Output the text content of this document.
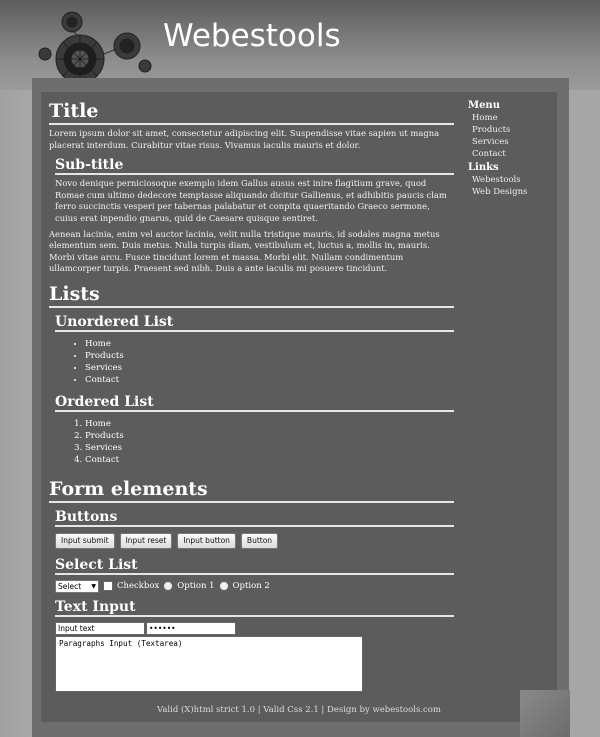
Webestools
Title

Lorem ipsum dolor sit amet, consectetur adipiscing elit. Suspendisse vitae sapien ut magna placerat interdum. Curabitur vitae risus. Vivamus iaculis mauris et dolor.

Sub-title

Novo denique perniciosoque exemplo idem Gallus ausus est inire flagitium grave, quod Romae cum ultimo dedecore temptasse aliquando dicitur Gallienus, et adhibitis paucis clam ferro succinctis vesperi per tabernas palabatur et conpita quaeritando Graeco sermone, cuius erat inpendio gnarus, quid de Caesare quisque sentiret.

Aenean lacinia, enim vel auctor lacinia, velit nulla tristique mauris, id sodales magna metus elementum sem. Duis metus. Nulla turpis diam, vestibulum et, luctus a, mollis in, mauris. Morbi vitae arcu. Fusce tincidunt lorem et massa. Morbi elit. Nullam condimentum ullamcorper turpis. Praesent sed nibh. Duis a ante iaculis mi posuere tincidunt.

Lists
Unordered List
• Home
• Products
• Services
• Contact
Ordered List
1. Home
2. Products
3. Services
4. Contact
Form elements
Buttons
Input submit	Input reset	Input button	Button
Select List
Select ▼ Checkbox Option 1 Option 2
Text Input
Input text	••••••
Paragraphs Input (Textarea)
Menu
Home
Products
Services
Contact
Links
Webestools
Web Designs
Valid (X)html strict 1.0 | Valid Css 2.1 | Design by webestools.com
